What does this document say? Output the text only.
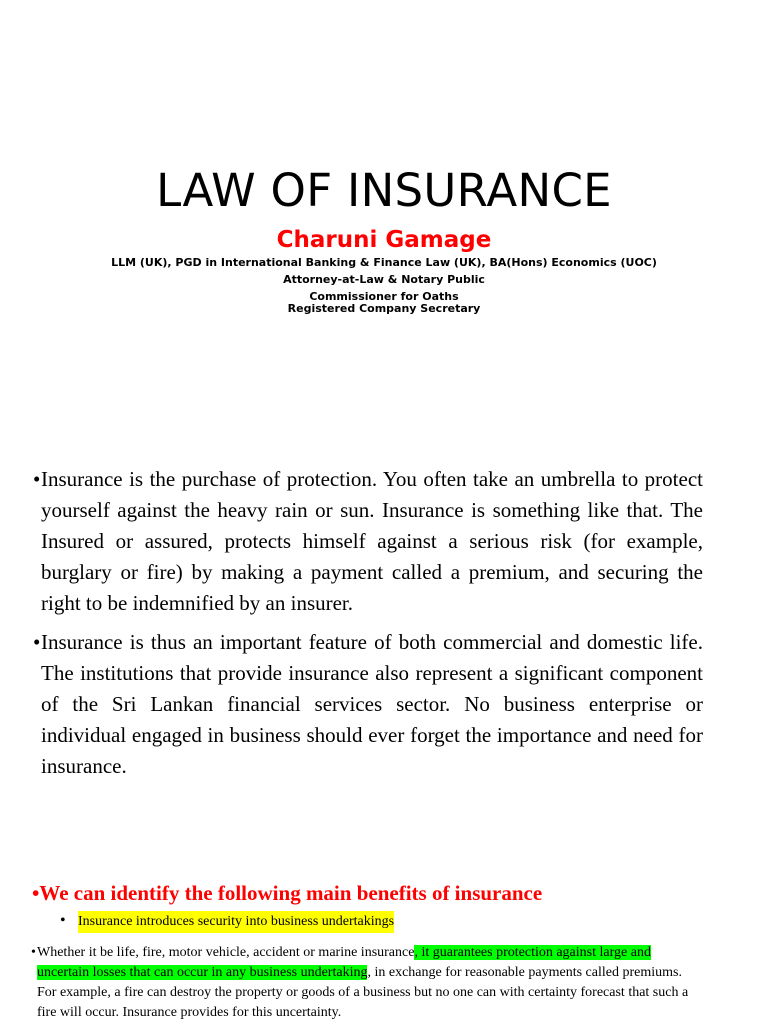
LAW OF INSURANCE
Charuni Gamage
LLM (UK), PGD in International Banking & Finance Law (UK), BA(Hons) Economics (UOC)
Attorney-at-Law & Notary Public
Commissioner for Oaths
Registered Company Secretary
• Insurance is the purchase of protection. You often take an umbrella to protect yourself against the heavy rain or sun. Insurance is something like that. The Insured or assured, protects himself against a serious risk (for example, burglary or fire) by making a payment called a premium, and securing the right to be indemnified by an insurer.
• Insurance is thus an important feature of both commercial and domestic life. The institutions that provide insurance also represent a significant component of the Sri Lankan financial services sector. No business enterprise or individual engaged in business should ever forget the importance and need for insurance.
•We can identify the following main benefits of insurance
• Insurance introduces security into business undertakings
• Whether it be life, fire, motor vehicle, accident or marine insurance, it guarantees protection against large and uncertain losses that can occur in any business undertaking, in exchange for reasonable payments called premiums. For example, a fire can destroy the property or goods of a business but no one can with certainty forecast that such a fire will occur. Insurance provides for this uncertainty.
